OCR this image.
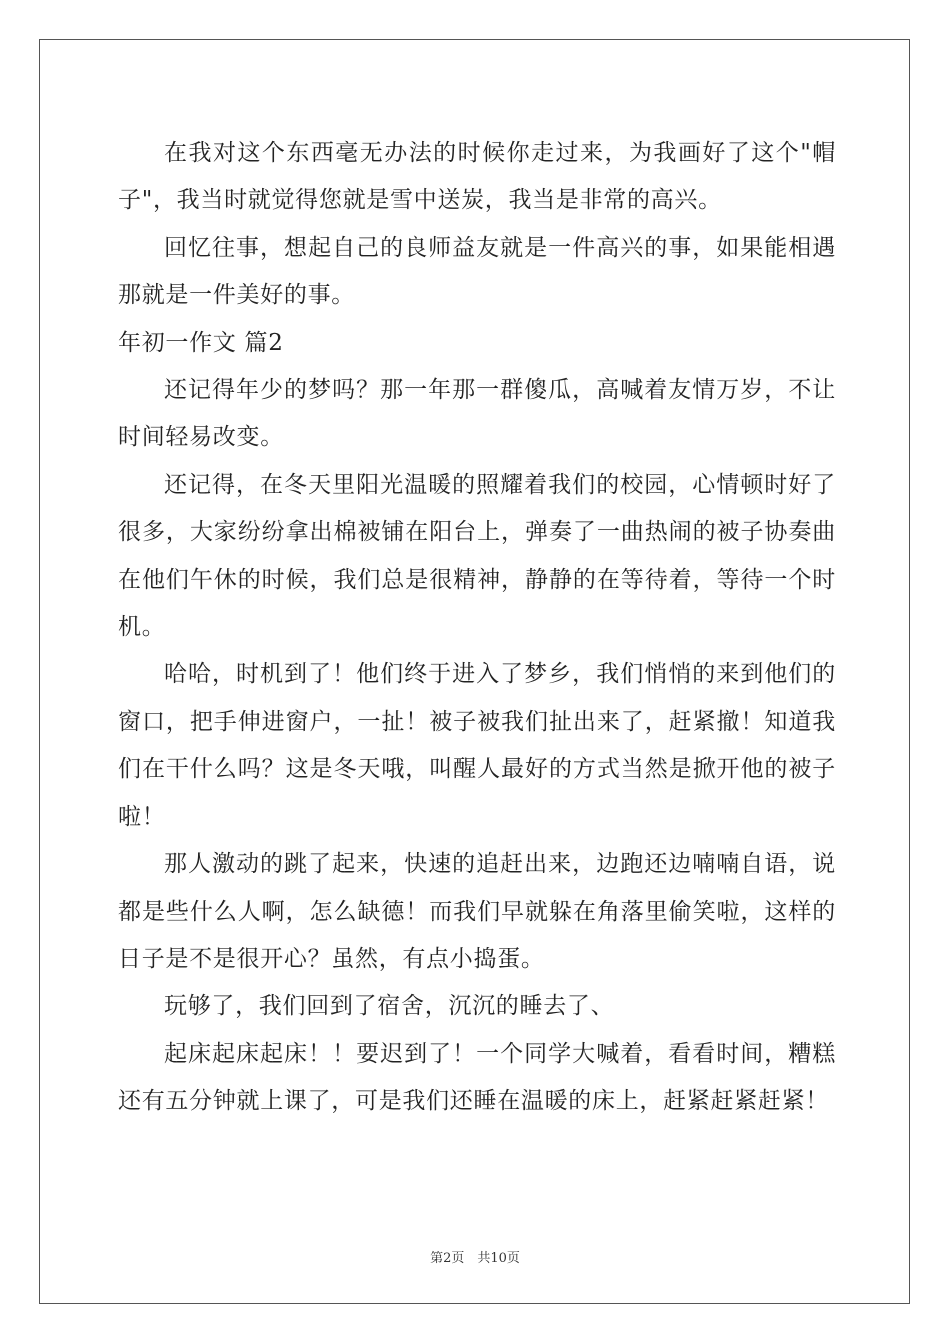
在我对这个东西毫无办法的时候你走过来，为我画好了这个"帽子"，我当时就觉得您就是雪中送炭，我当是非常的高兴。

回忆往事，想起自己的良师益友就是一件高兴的事，如果能相遇那就是一件美好的事。

年初一作文 篇2

还记得年少的梦吗？那一年那一群傻瓜，高喊着友情万岁，不让时间轻易改变。

还记得，在冬天里阳光温暖的照耀着我们的校园，心情顿时好了很多，大家纷纷拿出棉被铺在阳台上，弹奏了一曲热闹的被子协奏曲在他们午休的时候，我们总是很精神，静静的在等待着，等待一个时机。

哈哈，时机到了！他们终于进入了梦乡，我们悄悄的来到他们的窗口，把手伸进窗户，一扯！被子被我们扯出来了，赶紧撤！知道我们在干什么吗？这是冬天哦，叫醒人最好的方式当然是掀开他的被子啦！

那人激动的跳了起来，快速的追赶出来，边跑还边喃喃自语，说都是些什么人啊，怎么缺德！而我们早就躲在角落里偷笑啦，这样的日子是不是很开心？虽然，有点小捣蛋。

玩够了，我们回到了宿舍，沉沉的睡去了、

起床起床起床！！要迟到了！一个同学大喊着，看看时间，糟糕还有五分钟就上课了，可是我们还睡在温暖的床上，赶紧赶紧赶紧！

第2页　共10页
